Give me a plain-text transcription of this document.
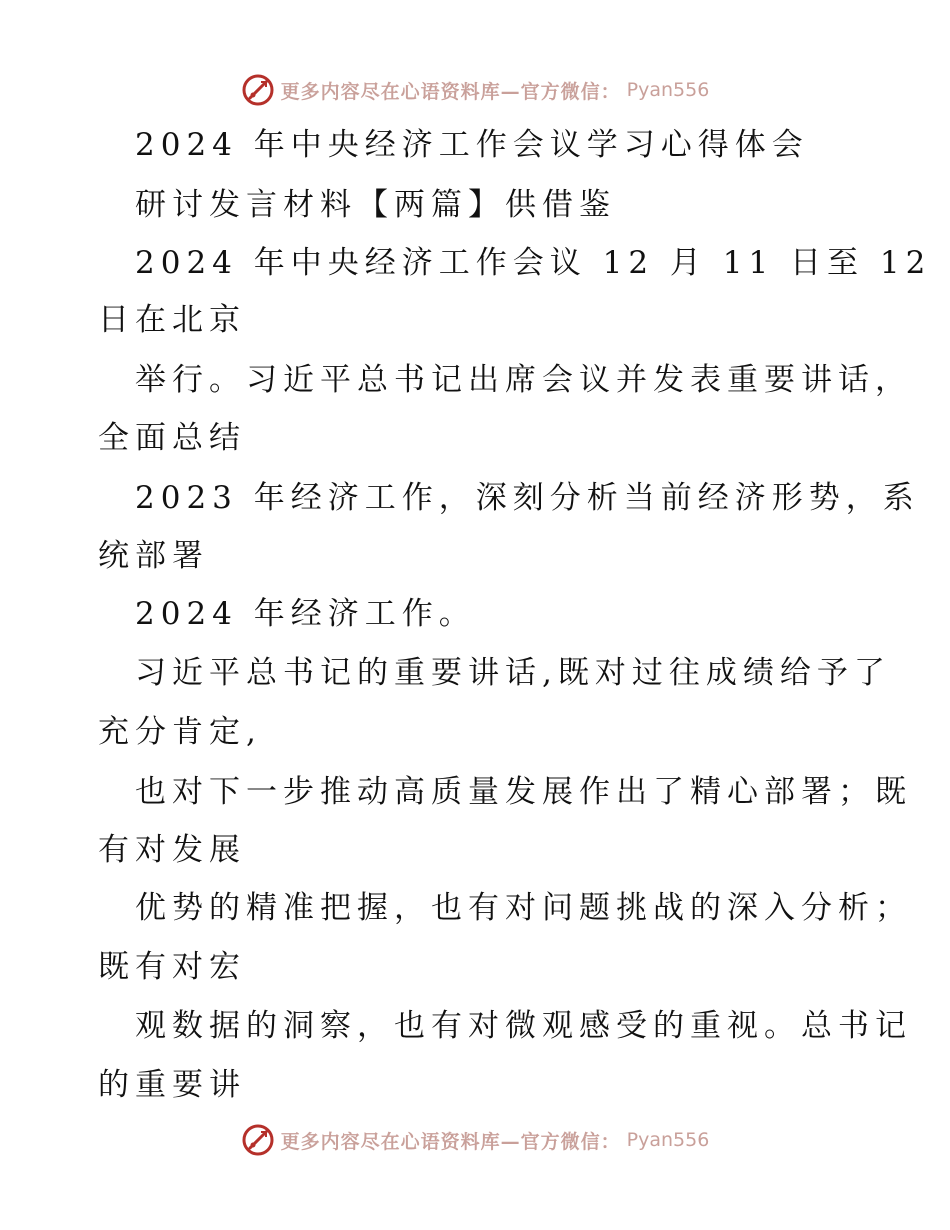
更多内容尽在心语资料库—官方微信： Pyan556
2024 年中央经济工作会议学习心得体会
研讨发言材料【两篇】供借鉴
2024 年中央经济工作会议 12 月 11 日至 12
日在北京
举行。习近平总书记出席会议并发表重要讲话，
全面总结
2023 年经济工作，深刻分析当前经济形势，系
统部署
2024 年经济工作。
习近平总书记的重要讲话,既对过往成绩给予了
充分肯定,
也对下一步推动高质量发展作出了精心部署；既
有对发展
优势的精准把握，也有对问题挑战的深入分析；
既有对宏
观数据的洞察，也有对微观感受的重视。总书记
的重要讲
更多内容尽在心语资料库—官方微信： Pyan556
